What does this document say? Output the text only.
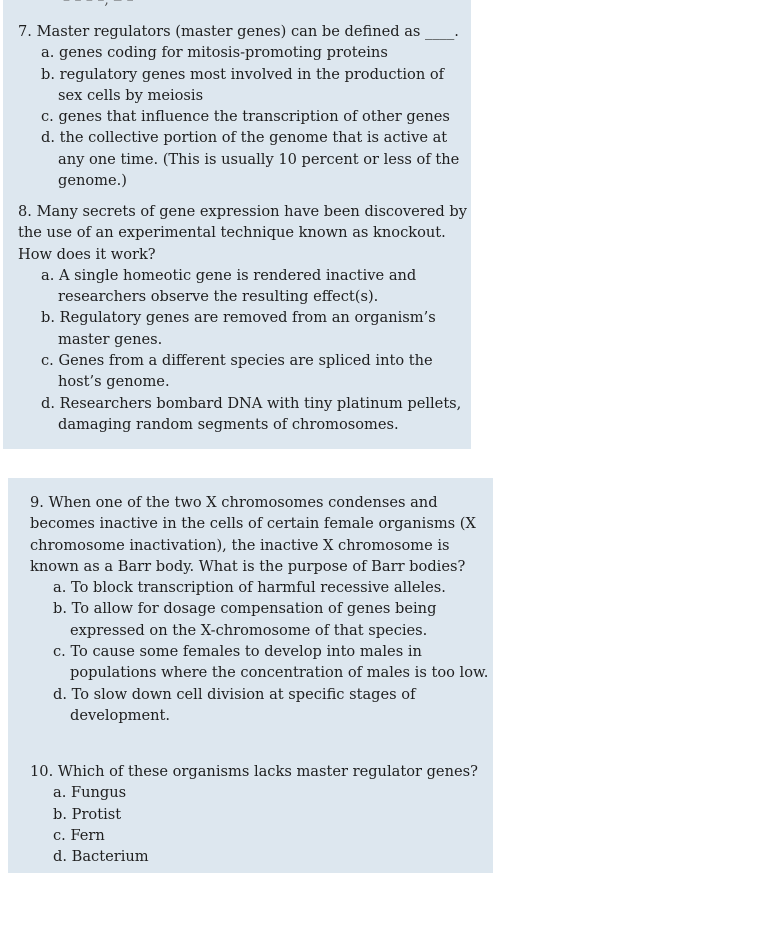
– – – –, ‒ –

7. Master regulators (master genes) can be defined as ____.

a. genes coding for mitosis-promoting proteins

b. regulatory genes most involved in the production of sex cells by meiosis

c. genes that influence the transcription of other genes

d. the collective portion of the genome that is active at any one time. (This is usually 10 percent or less of the genome.)

8. Many secrets of gene expression have been discovered by the use of an experimental technique known as knockout. How does it work?

a. A single homeotic gene is rendered inactive and researchers observe the resulting effect(s).

b. Regulatory genes are removed from an organism’s master genes.

c. Genes from a different species are spliced into the host’s genome.

d. Researchers bombard DNA with tiny platinum pellets, damaging random segments of chromosomes.

9. When one of the two X chromosomes condenses and becomes inactive in the cells of certain female organisms (X chromosome inactivation), the inactive X chromosome is known as a Barr body. What is the purpose of Barr bodies?

a. To block transcription of harmful recessive alleles.

b. To allow for dosage compensation of genes being expressed on the X-chromosome of that species.

c. To cause some females to develop into males in populations where the concentration of males is too low.

d. To slow down cell division at specific stages of development.

10. Which of these organisms lacks master regulator genes?

a. Fungus

b. Protist

c. Fern

d. Bacterium
